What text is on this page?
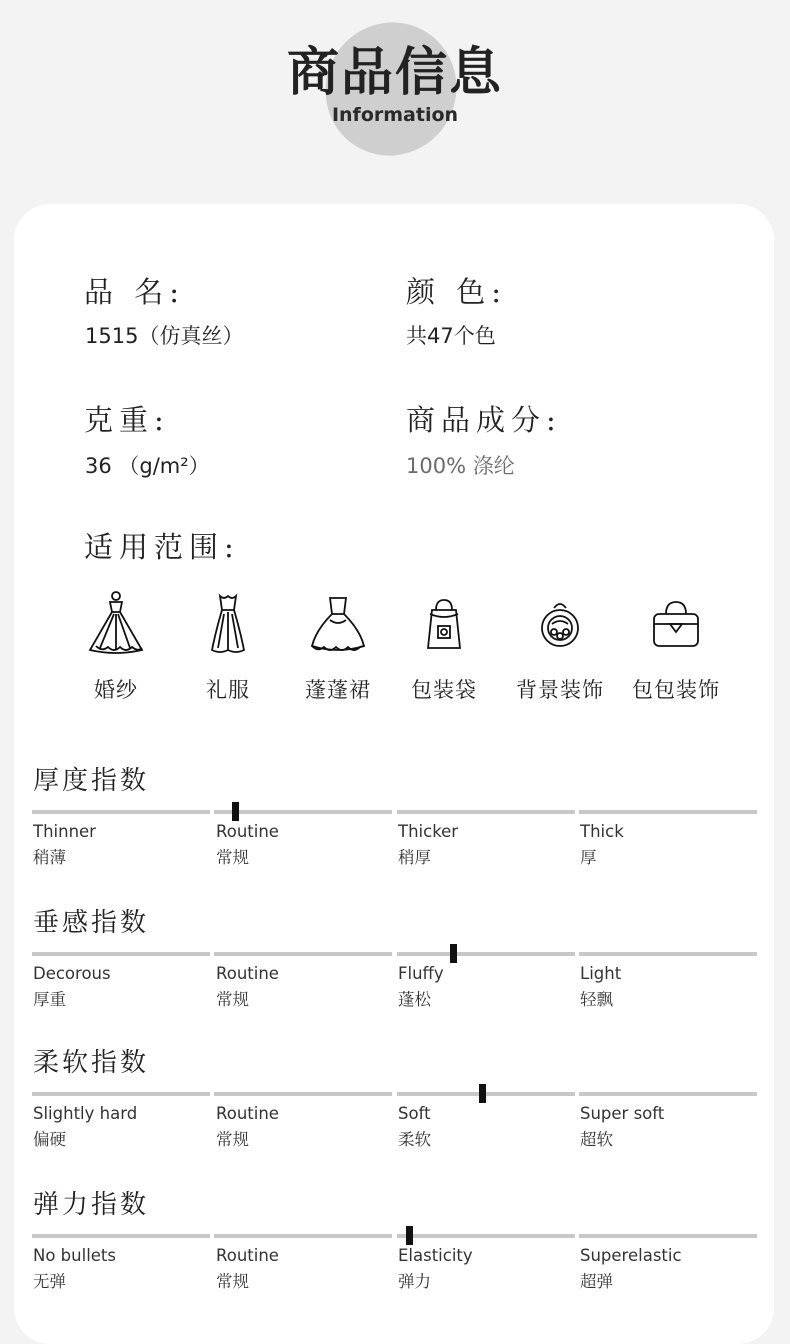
商品信息
Information
品 名:
1515（仿真丝）
颜 色:
共47个色
克重:
36 （g/m²）
商品成分:
100% 涤纶
适用范围:
婚纱	礼服	蓬蓬裙	包装袋	背景装饰	包包装饰
厚度指数
Thinner
稍薄
Routine
常规
Thicker
稍厚
Thick
厚
垂感指数
Decorous
厚重
Routine
常规
Fluffy
蓬松
Light
轻飘
柔软指数
Slightly hard
偏硬
Routine
常规
Soft
柔软
Super soft
超软
弹力指数
No bullets
无弹
Routine
常规
Elasticity
弹力
Superelastic
超弹
